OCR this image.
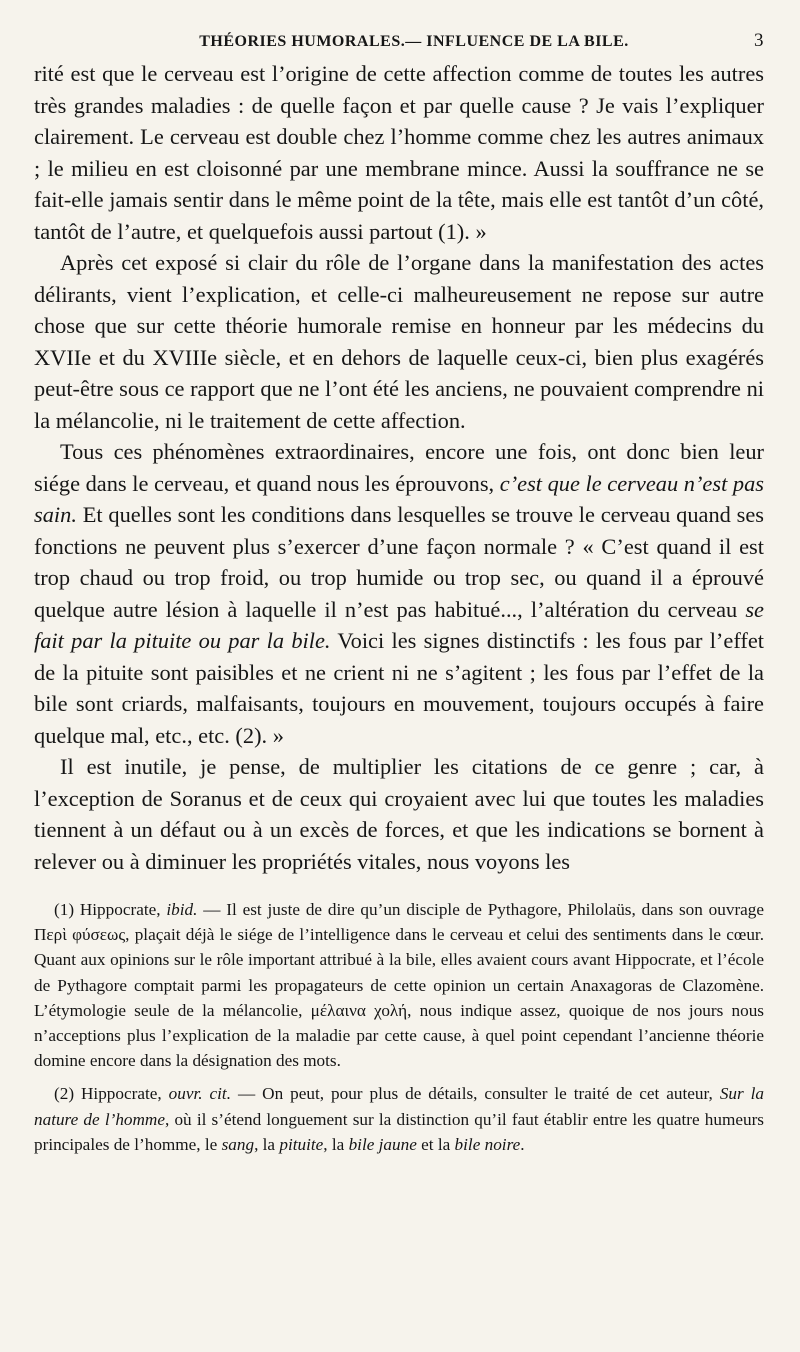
THÉORIES HUMORALES.— INFLUENCE DE LA BILE.	3

rité est que le cerveau est l’origine de cette affection comme de toutes les autres très grandes maladies : de quelle façon et par quelle cause ? Je vais l’expliquer clairement. Le cerveau est double chez l’homme comme chez les autres animaux ; le milieu en est cloisonné par une membrane mince. Aussi la souffrance ne se fait-elle jamais sentir dans le même point de la tête, mais elle est tantôt d’un côté, tantôt de l’autre, et quelquefois aussi partout (1). »

Après cet exposé si clair du rôle de l’organe dans la manifestation des actes délirants, vient l’explication, et celle-ci malheureusement ne repose sur autre chose que sur cette théorie humorale remise en honneur par les médecins du XVIIe et du XVIIIe siècle, et en dehors de laquelle ceux-ci, bien plus exagérés peut-être sous ce rapport que ne l’ont été les anciens, ne pouvaient comprendre ni la mélancolie, ni le traitement de cette affection.

Tous ces phénomènes extraordinaires, encore une fois, ont donc bien leur siége dans le cerveau, et quand nous les éprouvons, c’est que le cerveau n’est pas sain. Et quelles sont les conditions dans lesquelles se trouve le cerveau quand ses fonctions ne peuvent plus s’exercer d’une façon normale ? « C’est quand il est trop chaud ou trop froid, ou trop humide ou trop sec, ou quand il a éprouvé quelque autre lésion à laquelle il n’est pas habitué..., l’altération du cerveau se fait par la pituite ou par la bile. Voici les signes distinctifs : les fous par l’effet de la pituite sont paisibles et ne crient ni ne s’agitent ; les fous par l’effet de la bile sont criards, malfaisants, toujours en mouvement, toujours occupés à faire quelque mal, etc., etc. (2). »

Il est inutile, je pense, de multiplier les citations de ce genre ; car, à l’exception de Soranus et de ceux qui croyaient avec lui que toutes les maladies tiennent à un défaut ou à un excès de forces, et que les indications se bornent à relever ou à diminuer les propriétés vitales, nous voyons les

(1) Hippocrate, ibid. — Il est juste de dire qu’un disciple de Pythagore, Philolaüs, dans son ouvrage Περὶ φύσεως, plaçait déjà le siége de l’intelligence dans le cerveau et celui des sentiments dans le cœur. Quant aux opinions sur le rôle important attribué à la bile, elles avaient cours avant Hippocrate, et l’école de Pythagore comptait parmi les propagateurs de cette opinion un certain Anaxagoras de Clazomène. L’étymologie seule de la mélancolie, μέλαινα χολή, nous indique assez, quoique de nos jours nous n’acceptions plus l’explication de la maladie par cette cause, à quel point cependant l’ancienne théorie domine encore dans la désignation des mots.

(2) Hippocrate, ouvr. cit. — On peut, pour plus de détails, consulter le traité de cet auteur, Sur la nature de l’homme, où il s’étend longuement sur la distinction qu’il faut établir entre les quatre humeurs principales de l’homme, le sang, la pituite, la bile jaune et la bile noire.
